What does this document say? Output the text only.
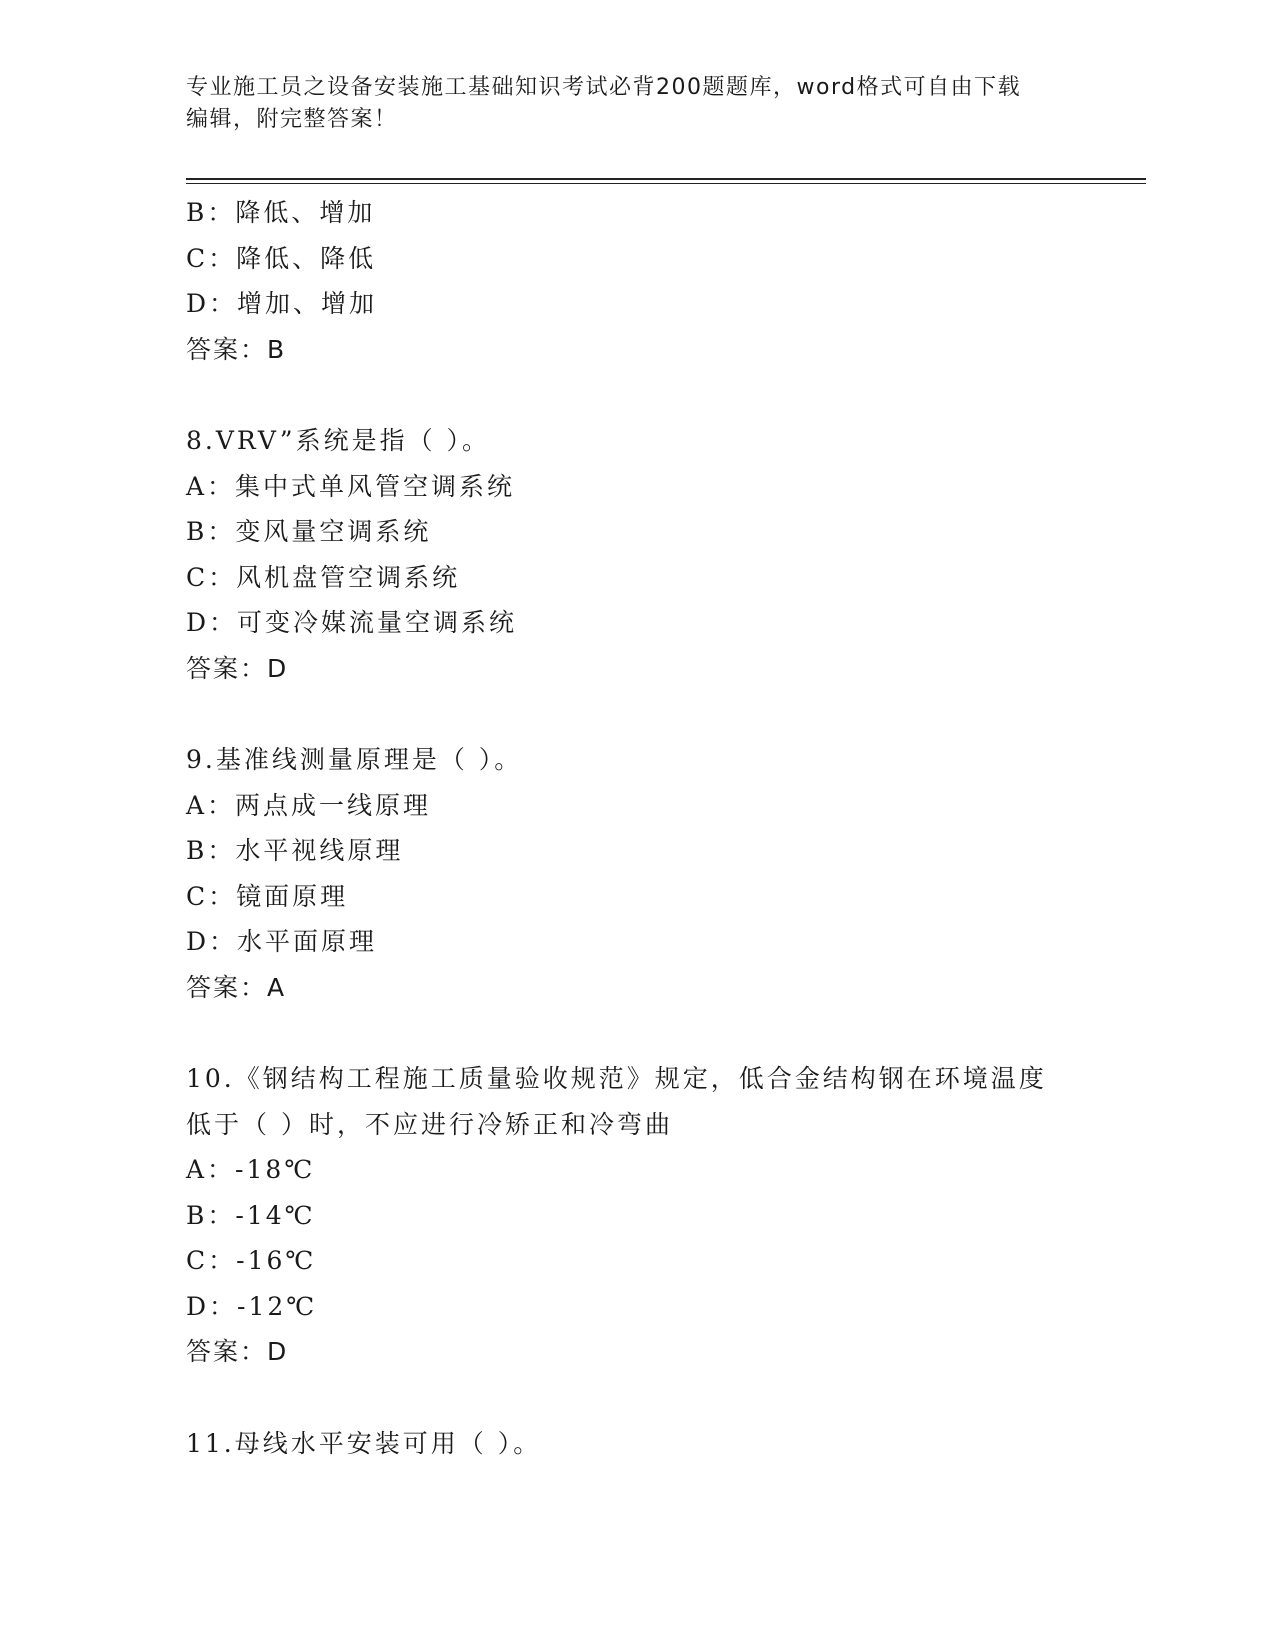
专业施工员之设备安装施工基础知识考试必背200题题库，word格式可自由下载
编辑，附完整答案！
B：降低、增加
C：降低、降低
D：增加、增加
答案：B
8.VRV”系统是指（ ）。
A：集中式单风管空调系统
B：变风量空调系统
C：风机盘管空调系统
D：可变冷媒流量空调系统
答案：D
9.基准线测量原理是（ ）。
A：两点成一线原理
B：水平视线原理
C：镜面原理
D：水平面原理
答案：A
10.《钢结构工程施工质量验收规范》规定，低合金结构钢在环境温度
低于（ ）时，不应进行冷矫正和冷弯曲
A：-18℃
B：-14℃
C：-16℃
D：-12℃
答案：D
11.母线水平安装可用（ ）。
